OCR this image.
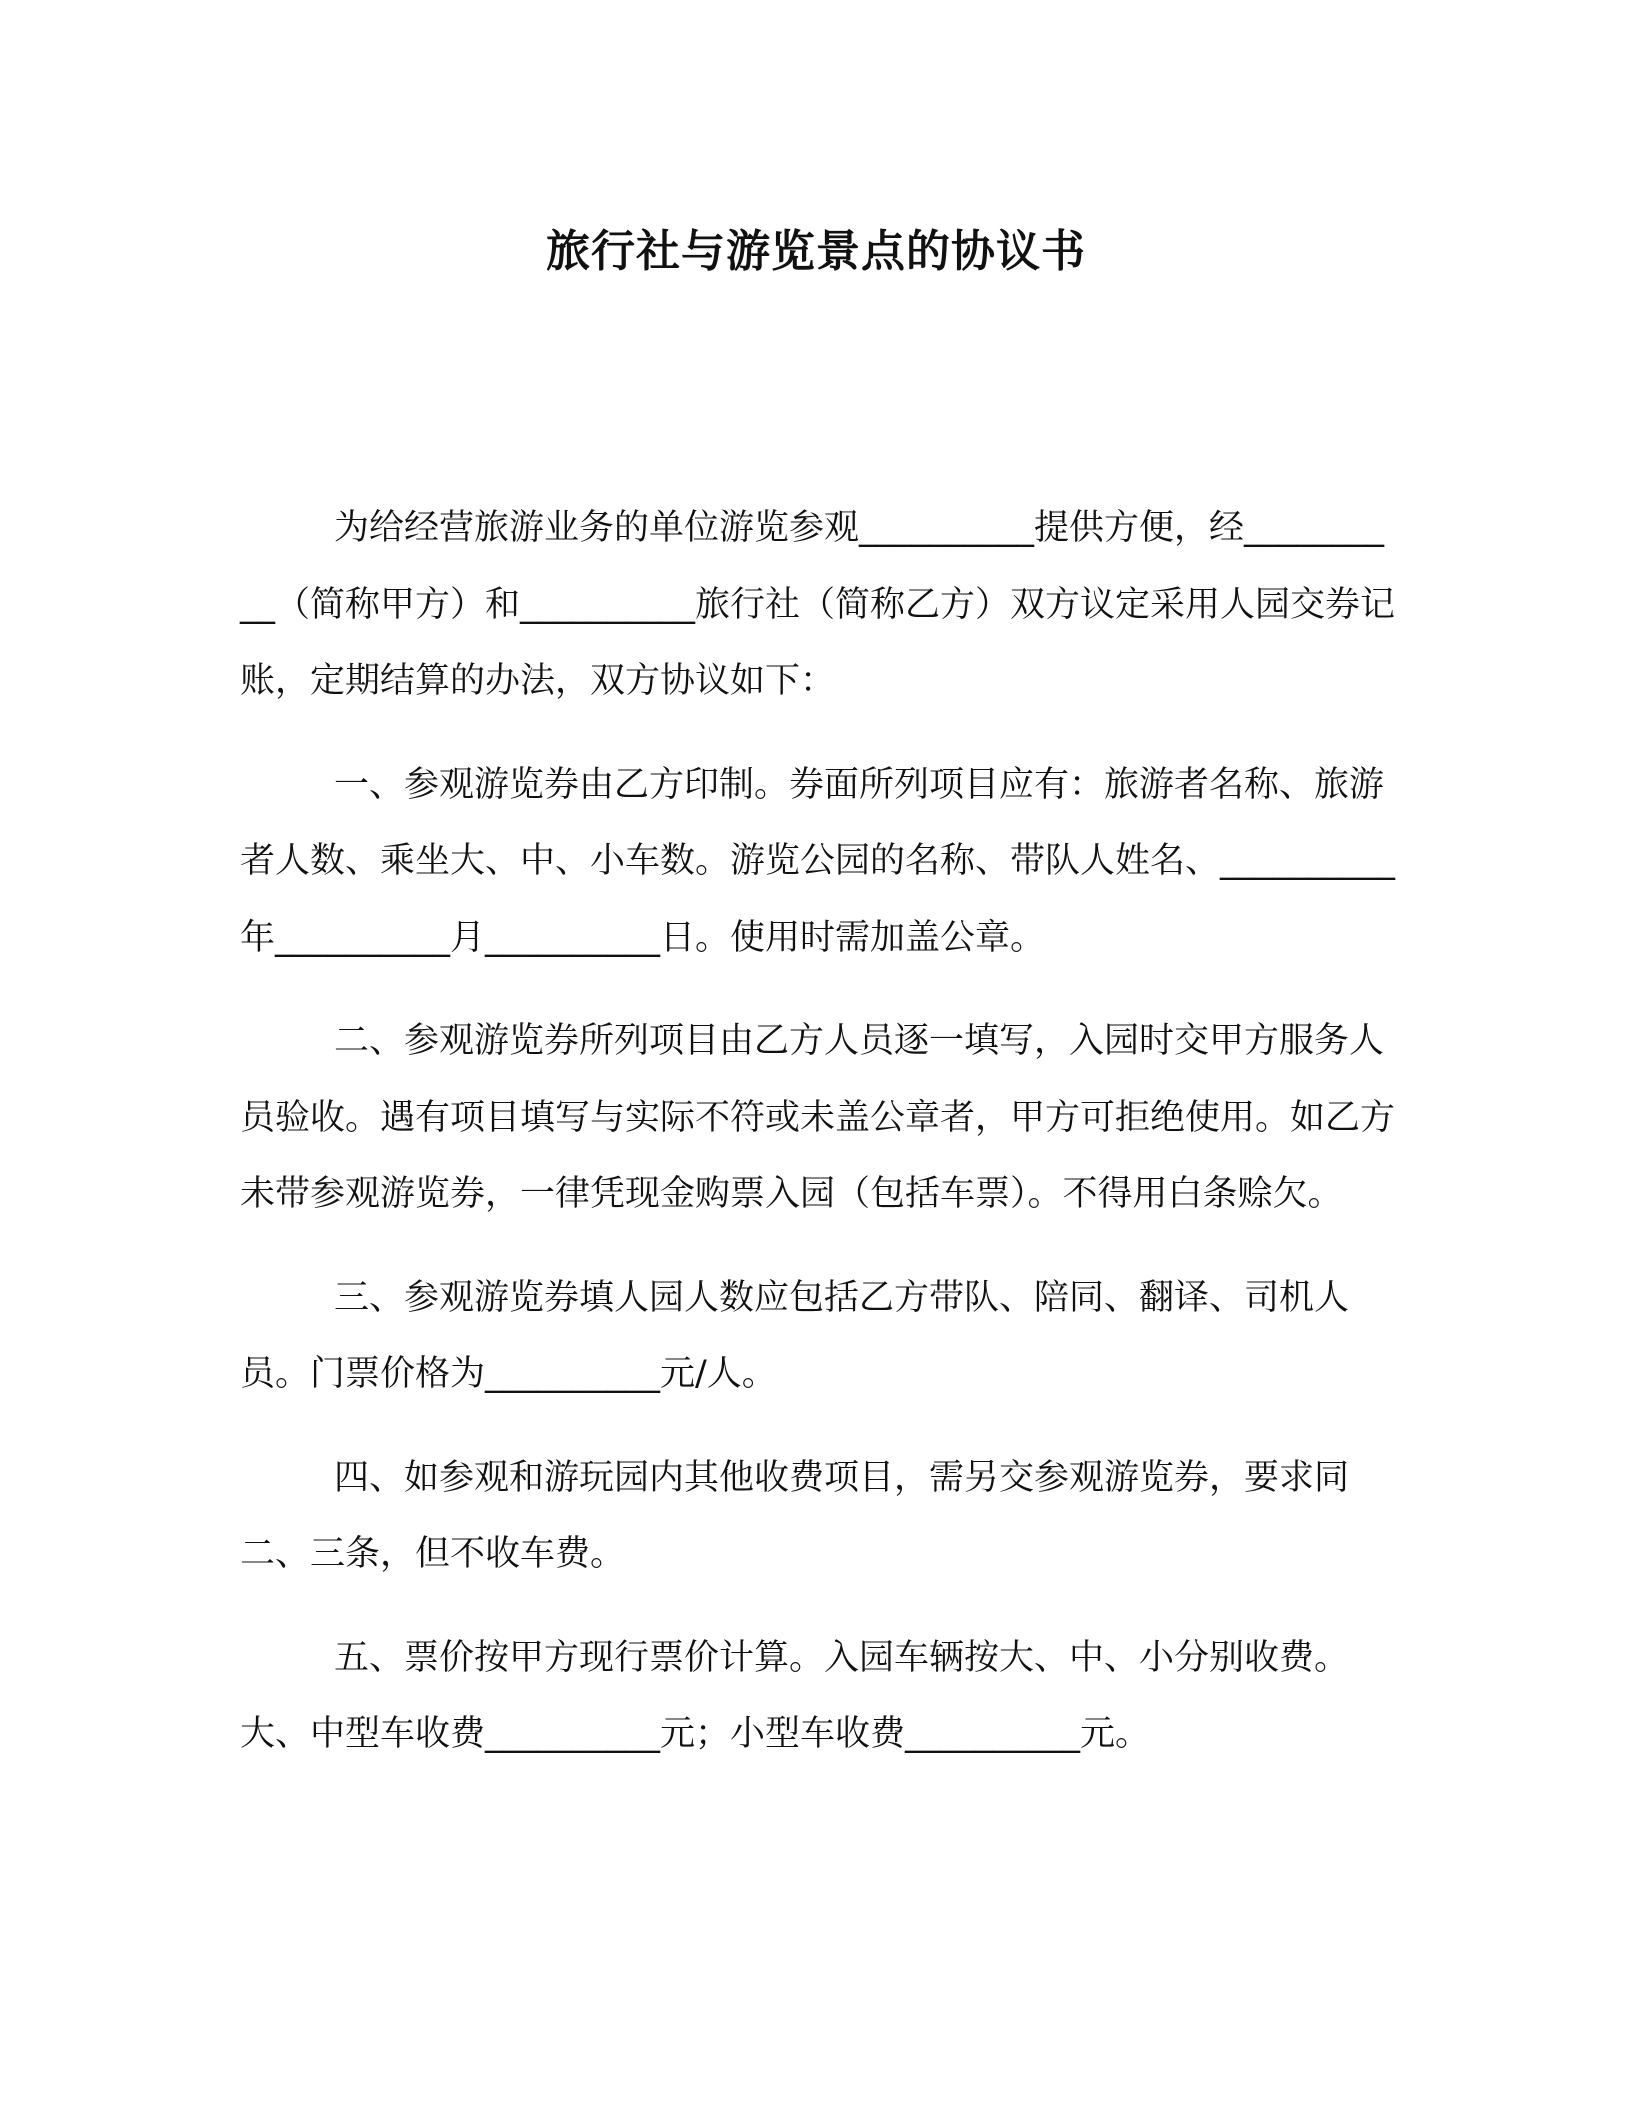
旅行社与游览景点的协议书

为给经营旅游业务的单位游览参观__________提供方便，经__________（简称甲方）和__________旅行社（简称乙方）双方议定采用人园交券记账，定期结算的办法，双方协议如下：

一、参观游览券由乙方印制。券面所列项目应有：旅游者名称、旅游者人数、乘坐大、中、小车数。游览公园的名称、带队人姓名、__________年__________月__________日。使用时需加盖公章。

二、参观游览券所列项目由乙方人员逐一填写，入园时交甲方服务人员验收。遇有项目填写与实际不符或未盖公章者，甲方可拒绝使用。如乙方未带参观游览券，一律凭现金购票入园（包括车票）。不得用白条赊欠。

三、参观游览券填人园人数应包括乙方带队、陪同、翻译、司机人员。门票价格为__________元/人。

四、如参观和游玩园内其他收费项目，需另交参观游览券，要求同二、三条，但不收车费。

五、票价按甲方现行票价计算。入园车辆按大、中、小分别收费。大、中型车收费__________元；小型车收费__________元。
